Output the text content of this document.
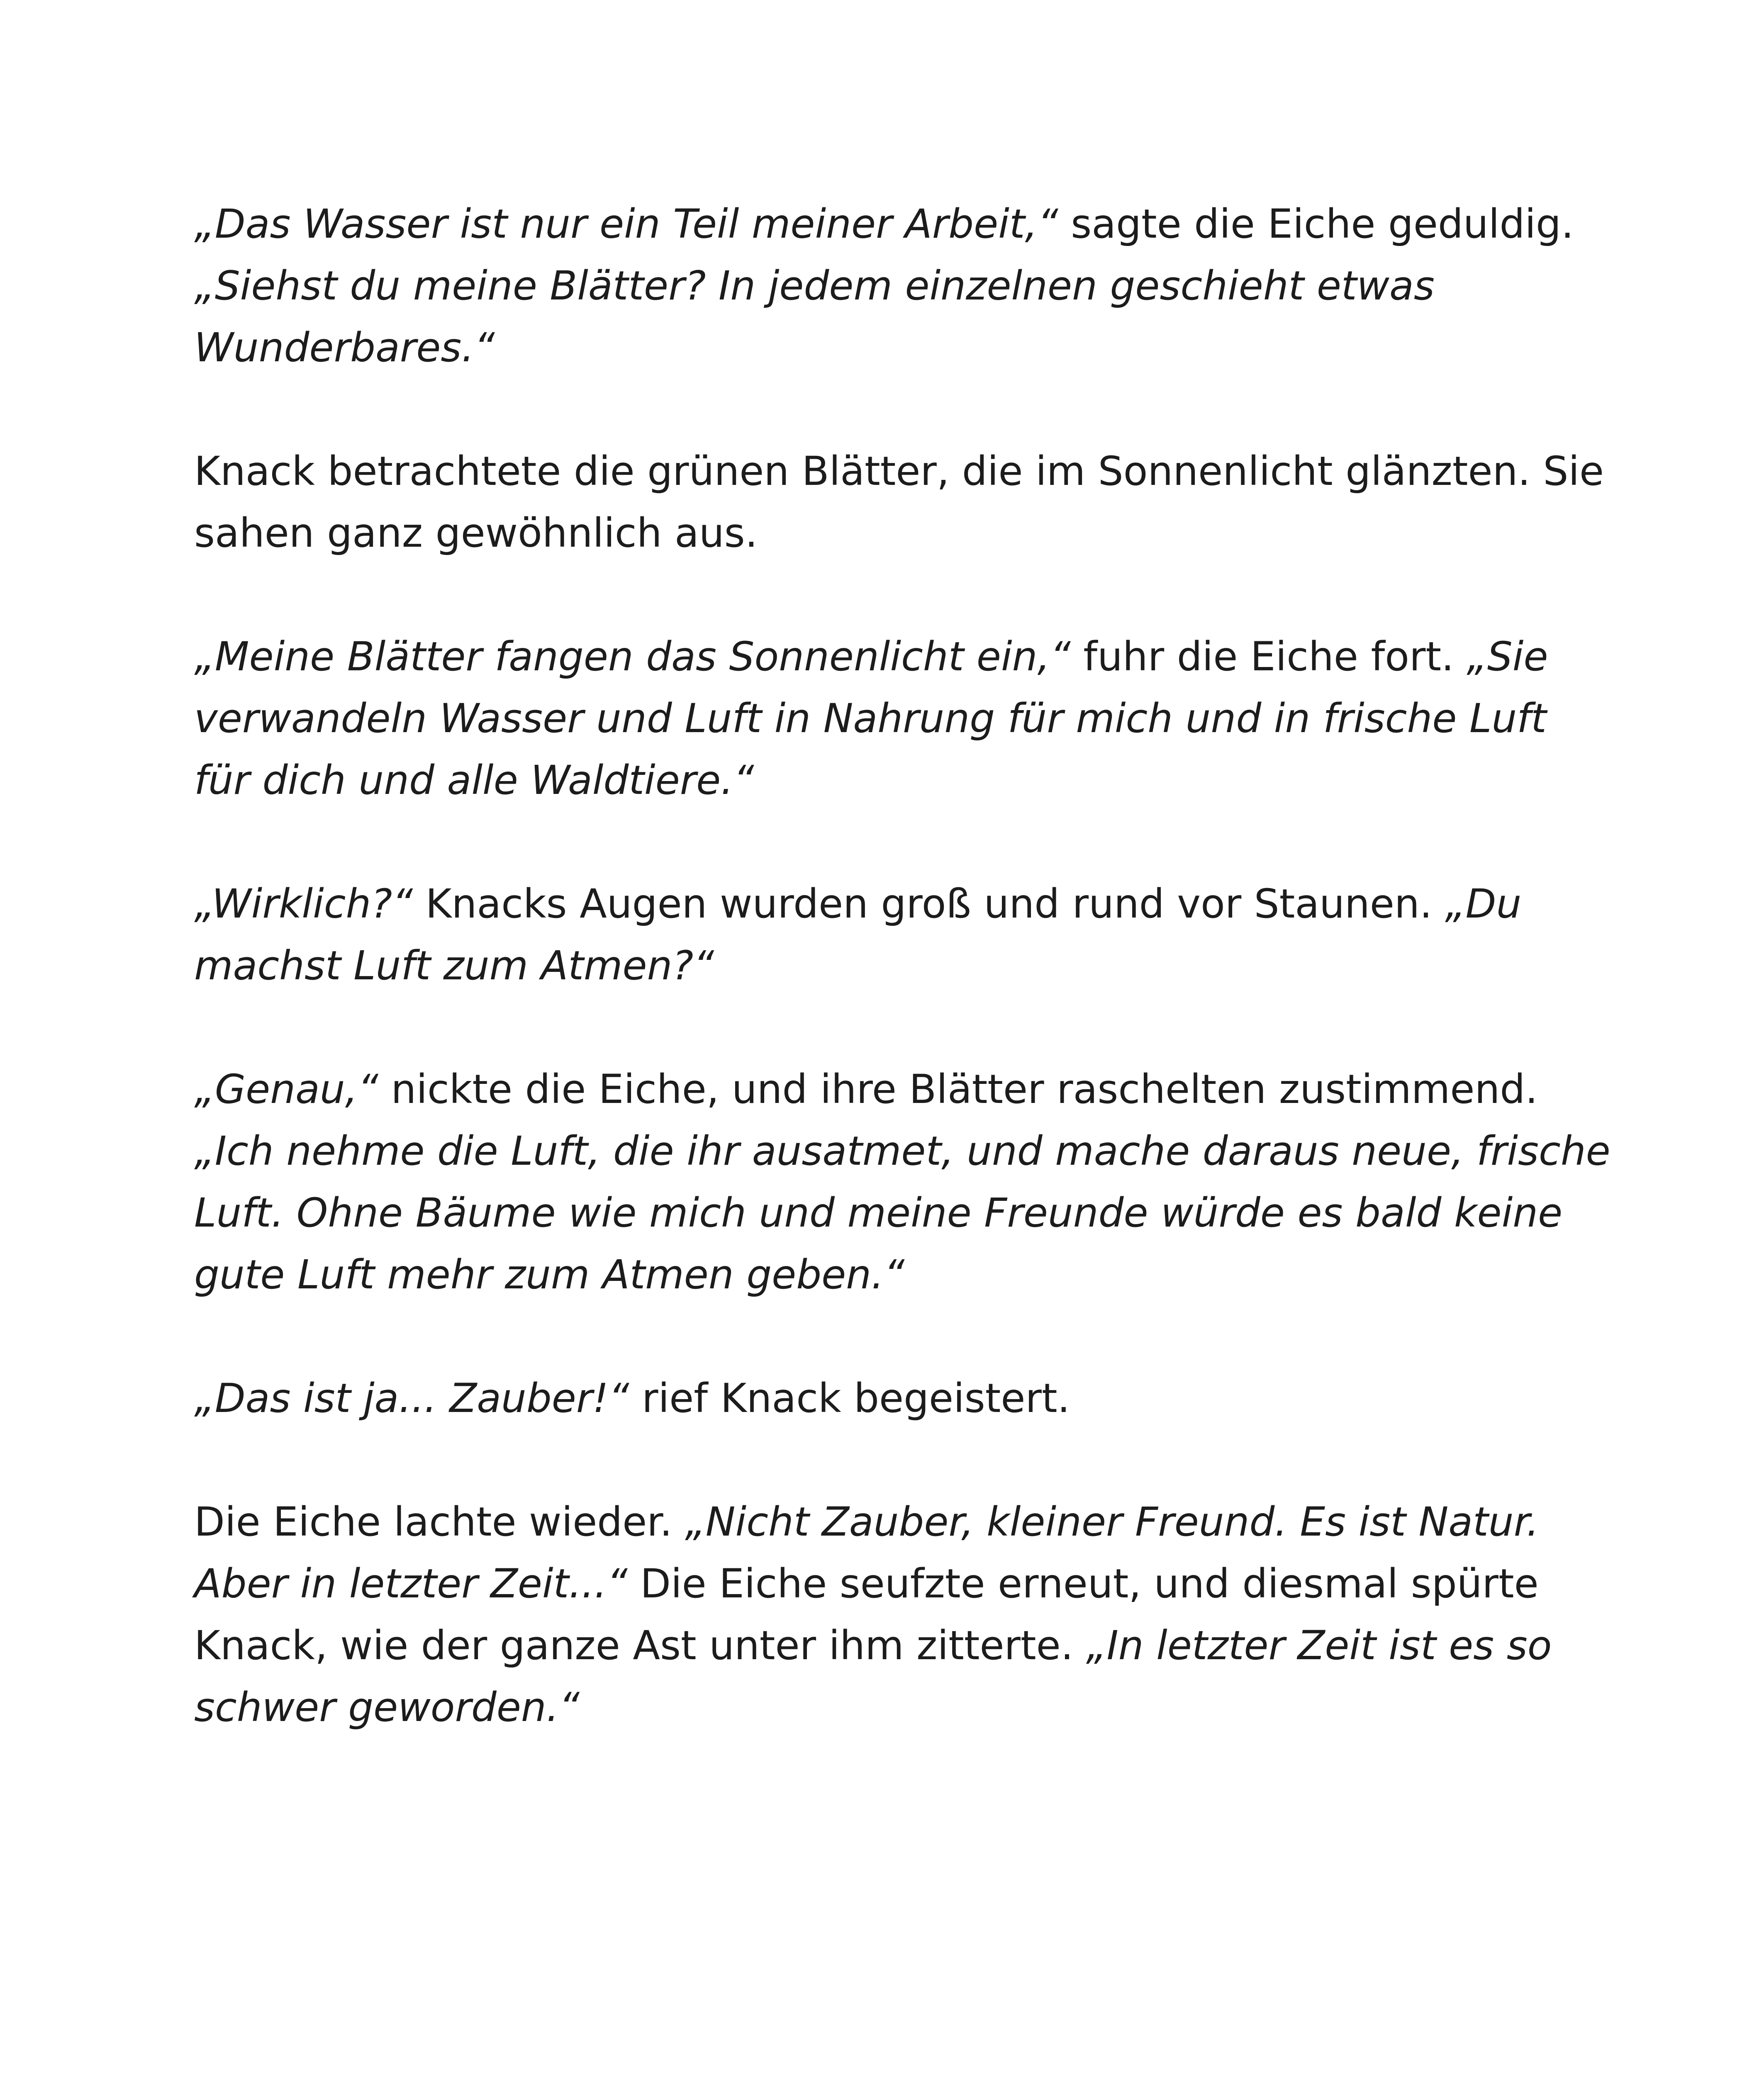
„Das Wasser ist nur ein Teil meiner Arbeit,“ sagte die Eiche geduldig. „Siehst du meine Blätter? In jedem einzelnen geschieht etwas Wunderbares.“

Knack betrachtete die grünen Blätter, die im Sonnenlicht glänzten. Sie sahen ganz gewöhnlich aus.

„Meine Blätter fangen das Sonnenlicht ein,“ fuhr die Eiche fort. „Sie verwandeln Wasser und Luft in Nahrung für mich und in frische Luft für dich und alle Waldtiere.“

„Wirklich?“ Knacks Augen wurden groß und rund vor Staunen. „Du machst Luft zum Atmen?“

„Genau,“ nickte die Eiche, und ihre Blätter raschelten zustimmend. „Ich nehme die Luft, die ihr ausatmet, und mache daraus neue, frische Luft. Ohne Bäume wie mich und meine Freunde würde es bald keine gute Luft mehr zum Atmen geben.“

„Das ist ja... Zauber!“ rief Knack begeistert.

Die Eiche lachte wieder. „Nicht Zauber, kleiner Freund. Es ist Natur. Aber in letzter Zeit...“ Die Eiche seufzte erneut, und diesmal spürte Knack, wie der ganze Ast unter ihm zitterte. „In letzter Zeit ist es so schwer geworden.“
